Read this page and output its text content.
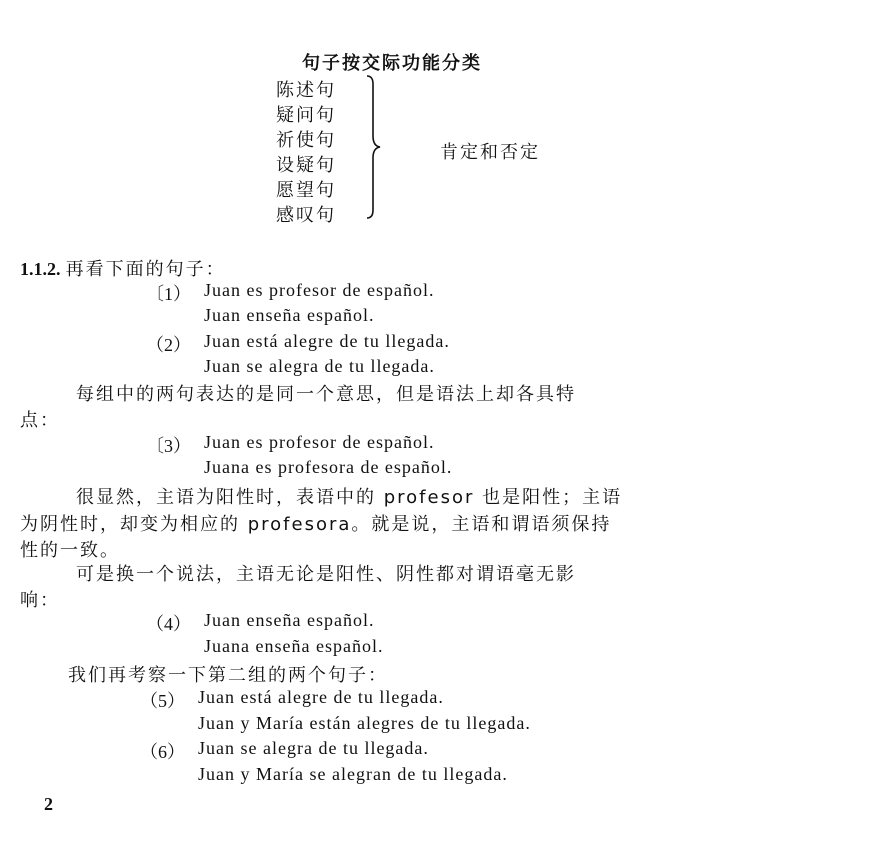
句子按交际功能分类
陈述句
疑问句
祈使句
设疑句
愿望句
感叹句
肯定和否定
1.1.2. 再看下面的句子：
〔1） Juan es profesor de español.
Juan enseña español.
（2） Juan está alegre de tu llegada.
Juan se alegra de tu llegada.
每组中的两句表达的是同一个意思，但是语法上却各具特
点：
〔3） Juan es profesor de español.
Juana es profesora de español.
很显然，主语为阳性时，表语中的 profesor 也是阳性；主语
为阴性时，却变为相应的 profesora。就是说，主语和谓语须保持
性的一致。
可是换一个说法，主语无论是阳性、阴性都对谓语毫无影
响：
（4） Juan enseña español.
Juana enseña español.
我们再考察一下第二组的两个句子：
（5） Juan está alegre de tu llegada.
Juan y María están alegres de tu llegada.
（6） Juan se alegra de tu llegada.
Juan y María se alegran de tu llegada.
2
